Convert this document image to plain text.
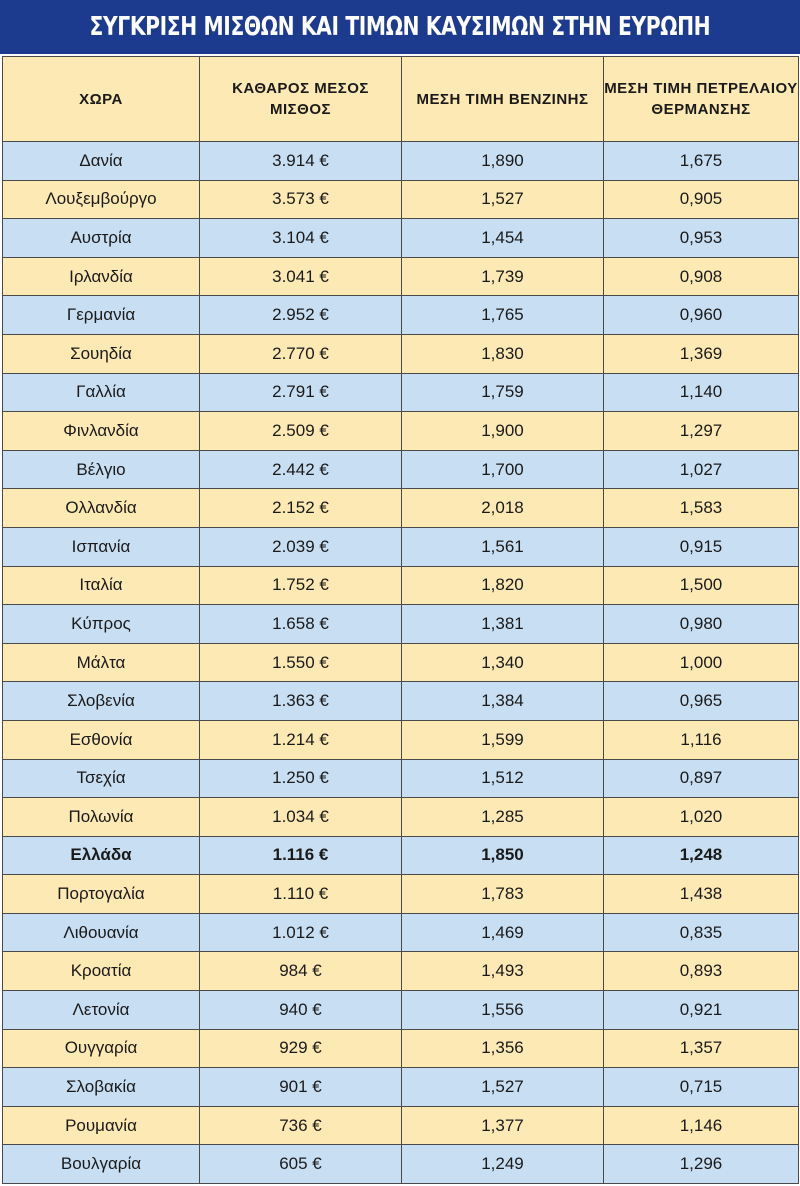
ΣΥΓΚΡΙΣΗ ΜΙΣΘΩΝ ΚΑΙ ΤΙΜΩΝ ΚΑΥΣΙΜΩΝ ΣΤΗΝ ΕΥΡΩΠΗ
ΧΩΡΑ	ΚΑΘΑΡΟΣ ΜΕΣΟΣ ΜΙΣΘΟΣ	ΜΕΣΗ ΤΙΜΗ ΒΕΝΖΙΝΗΣ	ΜΕΣΗ ΤΙΜΗ ΠΕΤΡΕΛΑΙΟΥ ΘΕΡΜΑΝΣΗΣ
Δανία	3.914 €	1,890	1,675
Λουξεμβούργο	3.573 €	1,527	0,905
Αυστρία	3.104 €	1,454	0,953
Ιρλανδία	3.041 €	1,739	0,908
Γερμανία	2.952 €	1,765	0,960
Σουηδία	2.770 €	1,830	1,369
Γαλλία	2.791 €	1,759	1,140
Φινλανδία	2.509 €	1,900	1,297
Βέλγιο	2.442 €	1,700	1,027
Ολλανδία	2.152 €	2,018	1,583
Ισπανία	2.039 €	1,561	0,915
Ιταλία	1.752 €	1,820	1,500
Κύπρος	1.658 €	1,381	0,980
Μάλτα	1.550 €	1,340	1,000
Σλοβενία	1.363 €	1,384	0,965
Εσθονία	1.214 €	1,599	1,116
Τσεχία	1.250 €	1,512	0,897
Πολωνία	1.034 €	1,285	1,020
Ελλάδα	1.116 €	1,850	1,248
Πορτογαλία	1.110 €	1,783	1,438
Λιθουανία	1.012 €	1,469	0,835
Κροατία	984 €	1,493	0,893
Λετονία	940 €	1,556	0,921
Ουγγαρία	929 €	1,356	1,357
Σλοβακία	901 €	1,527	0,715
Ρουμανία	736 €	1,377	1,146
Βουλγαρία	605 €	1,249	1,296
